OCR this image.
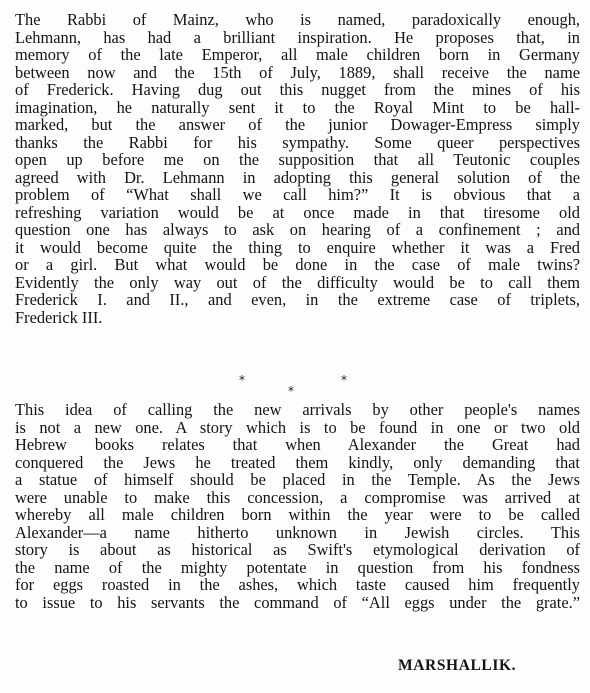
The Rabbi of Mainz, who is named, paradoxically enough,
Lehmann, has had a brilliant inspiration. He proposes that, in
memory of the late Emperor, all male children born in Germany
between now and the 15th of July, 1889, shall receive the name
of Frederick. Having dug out this nugget from the mines of his
imagination, he naturally sent it to the Royal Mint to be hall-
marked, but the answer of the junior Dowager-Empress simply
thanks the Rabbi for his sympathy. Some queer perspectives
open up before me on the supposition that all Teutonic couples
agreed with Dr. Lehmann in adopting this general solution of the
problem of “What shall we call him?” It is obvious that a
refreshing variation would be at once made in that tiresome old
question one has always to ask on hearing of a confinement ; and
it would become quite the thing to enquire whether it was a Fred
or a girl. But what would be done in the case of male twins?
Evidently the only way out of the difficulty would be to call them
Frederick I. and II., and even, in the extreme case of triplets,
Frederick III.
*
*
*
This idea of calling the new arrivals by other people's names
is not a new one. A story which is to be found in one or two old
Hebrew books relates that when Alexander the Great had
conquered the Jews he treated them kindly, only demanding that
a statue of himself should be placed in the Temple. As the Jews
were unable to make this concession, a compromise was arrived at
whereby all male children born within the year were to be called
Alexander—a name hitherto unknown in Jewish circles. This
story is about as historical as Swift's etymological derivation of
the name of the mighty potentate in question from his fondness
for eggs roasted in the ashes, which taste caused him frequently
to issue to his servants the command of “All eggs under the grate.”
MARSHALLIK.
